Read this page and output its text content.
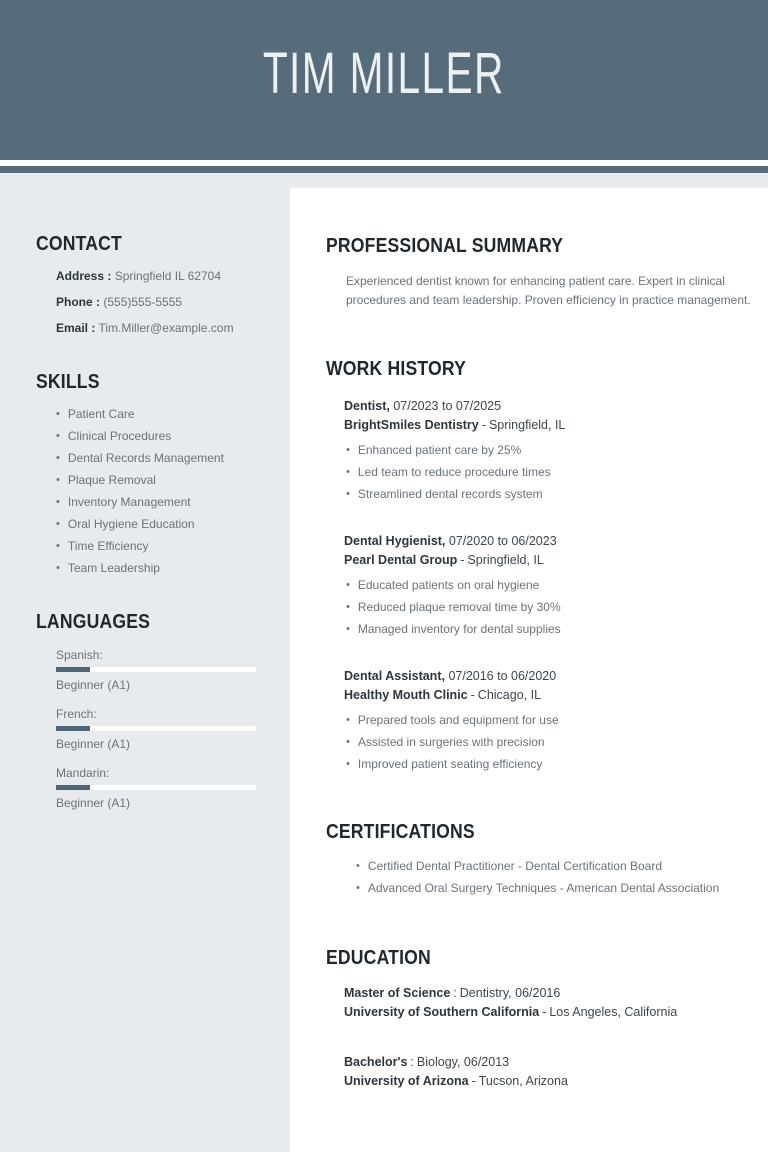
TIM MILLER
CONTACT
Address : Springfield IL 62704
Phone : (555)555-5555
Email : Tim.Miller@example.com
SKILLS
• Patient Care
• Clinical Procedures
• Dental Records Management
• Plaque Removal
• Inventory Management
• Oral Hygiene Education
• Time Efficiency
• Team Leadership
LANGUAGES
Spanish:
Beginner (A1)
French:
Beginner (A1)
Mandarin:
Beginner (A1)
PROFESSIONAL SUMMARY

Experienced dentist known for enhancing patient care. Expert in clinical procedures and team leadership. Proven efficiency in practice management.

WORK HISTORY
Dentist, 07/2023 to 07/2025
BrightSmiles Dentistry - Springfield, IL
• Enhanced patient care by 25%
• Led team to reduce procedure times
• Streamlined dental records system
Dental Hygienist, 07/2020 to 06/2023
Pearl Dental Group - Springfield, IL
• Educated patients on oral hygiene
• Reduced plaque removal time by 30%
• Managed inventory for dental supplies
Dental Assistant, 07/2016 to 06/2020
Healthy Mouth Clinic - Chicago, IL
• Prepared tools and equipment for use
• Assisted in surgeries with precision
• Improved patient seating efficiency
CERTIFICATIONS
• Certified Dental Practitioner - Dental Certification Board
• Advanced Oral Surgery Techniques - American Dental Association
EDUCATION
Master of Science : Dentistry, 06/2016
University of Southern California - Los Angeles, California
Bachelor's : Biology, 06/2013
University of Arizona - Tucson, Arizona
